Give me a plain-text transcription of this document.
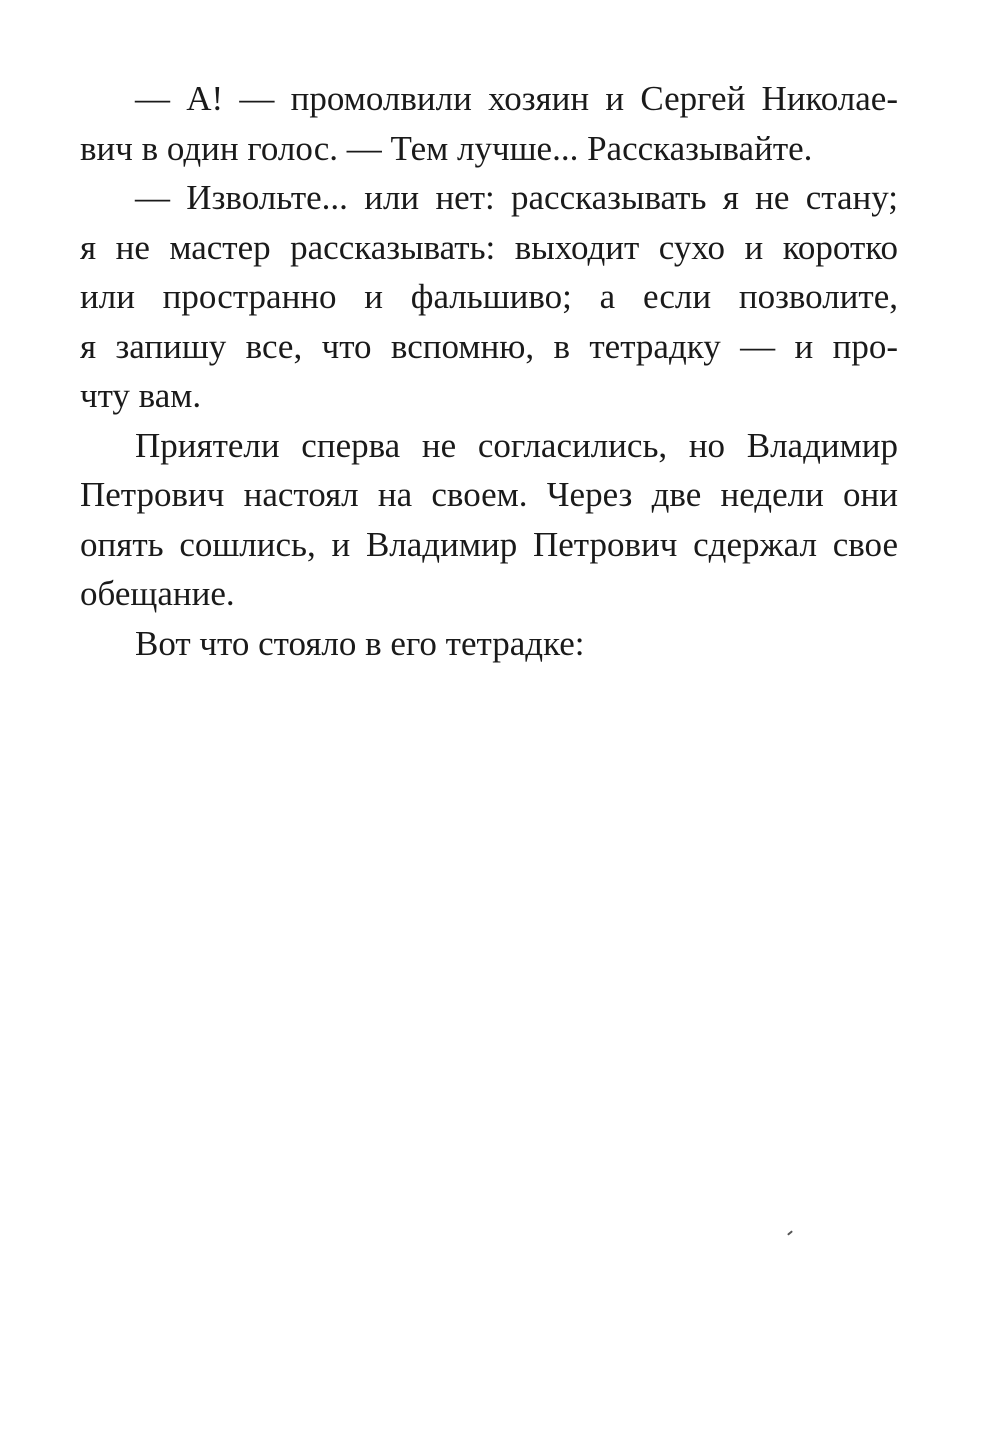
— А! — промолвили хозяин и Сергей Николае-
вич в один голос. — Тем лучше... Рассказывайте.
— Извольте... или нет: рассказывать я не стану;
я не мастер рассказывать: выходит сухо и коротко
или пространно и фальшиво; а если позволите,
я запишу все, что вспомню, в тетрадку — и про-
чту вам.
Приятели сперва не согласились, но Владимир
Петрович настоял на своем. Через две недели они
опять сошлись, и Владимир Петрович сдержал свое
обещание.
Вот что стояло в его тетрадке:
